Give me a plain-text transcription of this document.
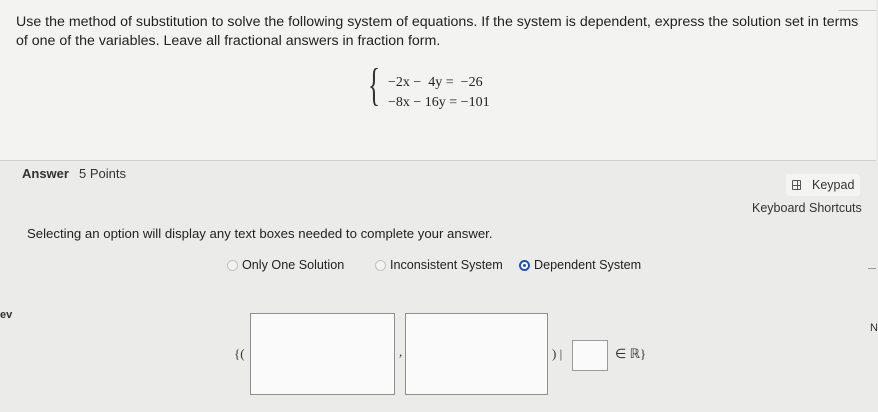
Use the method of substitution to solve the following system of equations. If the system is dependent, express the solution set in terms of one of the variables. Leave all fractional answers in fraction form.
{ −2x −  4y =  −26
−8x − 16y = −101
Answer 5 Points
Keypad
Keyboard Shortcuts
Selecting an option will display any text boxes needed to complete your answer.
Only One Solution	Inconsistent System Dependent System
ev
N
{(	,	) |	∈ ℝ}
